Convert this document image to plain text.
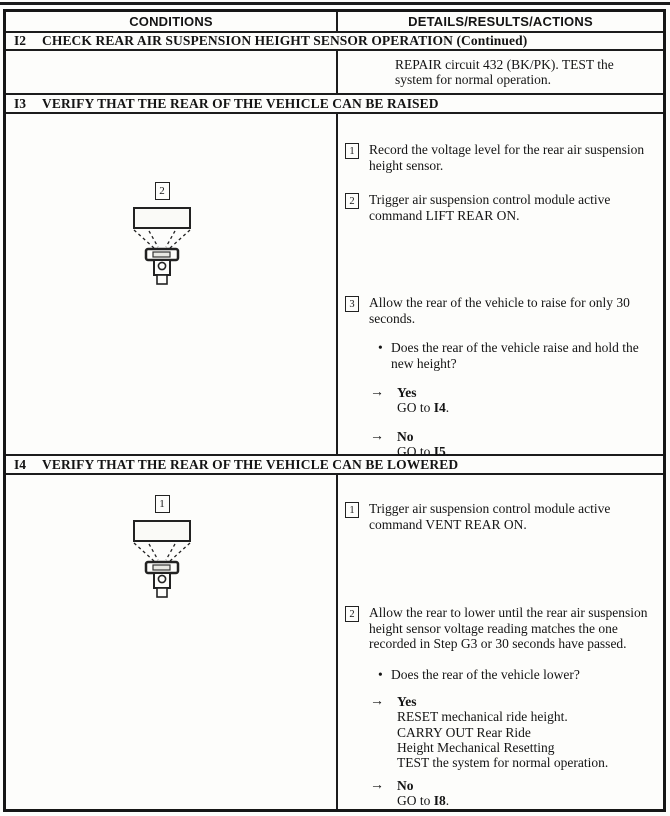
CONDITIONS	DETAILS/RESULTS/ACTIONS
I2	CHECK REAR AIR SUSPENSION HEIGHT SENSOR OPERATION (Continued)
REPAIR circuit 432 (BK/PK). TEST the
system for normal operation.
I3	VERIFY THAT THE REAR OF THE VEHICLE CAN BE RAISED
2
1	Record the voltage level for the rear air suspension height sensor.
2	Trigger air suspension control module active command LIFT REAR ON.
3	Allow the rear of the vehicle to raise for only 30 seconds.
• Does the rear of the vehicle raise and hold the new height?
→	Yes
GO to I4.
→	No
GO to I5.
I4	VERIFY THAT THE REAR OF THE VEHICLE CAN BE LOWERED
1
1	Trigger air suspension control module active command VENT REAR ON.
2	Allow the rear to lower until the rear air suspension height sensor voltage reading matches the one recorded in Step G3 or 30 seconds have passed.
• Does the rear of the vehicle lower?
→	Yes
RESET mechanical ride height.
CARRY OUT Rear Ride
Height Mechanical Resetting
TEST the system for normal operation.
→	No
GO to I8.
